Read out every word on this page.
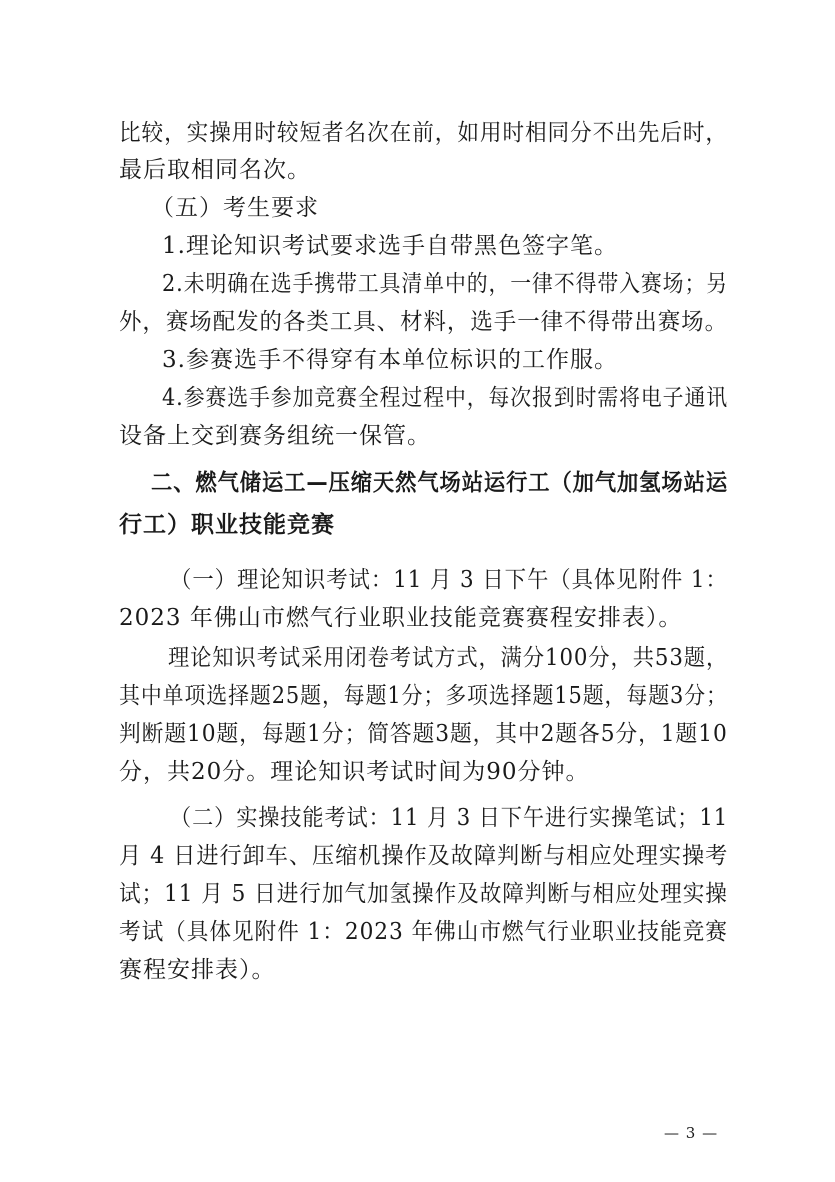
比较，实操用时较短者名次在前，如用时相同分不出先后时，
最后取相同名次。
（五）考生要求
1.理论知识考试要求选手自带黑色签字笔。
2.未明确在选手携带工具清单中的，一律不得带入赛场；另
外，赛场配发的各类工具、材料，选手一律不得带出赛场。
3.参赛选手不得穿有本单位标识的工作服。
4.参赛选手参加竞赛全程过程中，每次报到时需将电子通讯
设备上交到赛务组统一保管。
二、燃气储运工—压缩天然气场站运行工（加气加氢场站运
行工）职业技能竞赛
（一）理论知识考试：11 月 3 日下午（具体见附件 1：
2023 年佛山市燃气行业职业技能竞赛赛程安排表）。
理论知识考试采用闭卷考试方式，满分100分，共53题，
其中单项选择题25题，每题1分；多项选择题15题，每题3分；
判断题10题，每题1分；简答题3题，其中2题各5分，1题10
分，共20分。理论知识考试时间为90分钟。
（二）实操技能考试：11 月 3 日下午进行实操笔试；11
月 4 日进行卸车、压缩机操作及故障判断与相应处理实操考
试；11 月 5 日进行加气加氢操作及故障判断与相应处理实操
考试（具体见附件 1：2023 年佛山市燃气行业职业技能竞赛
赛程安排表）。
— 3 —
